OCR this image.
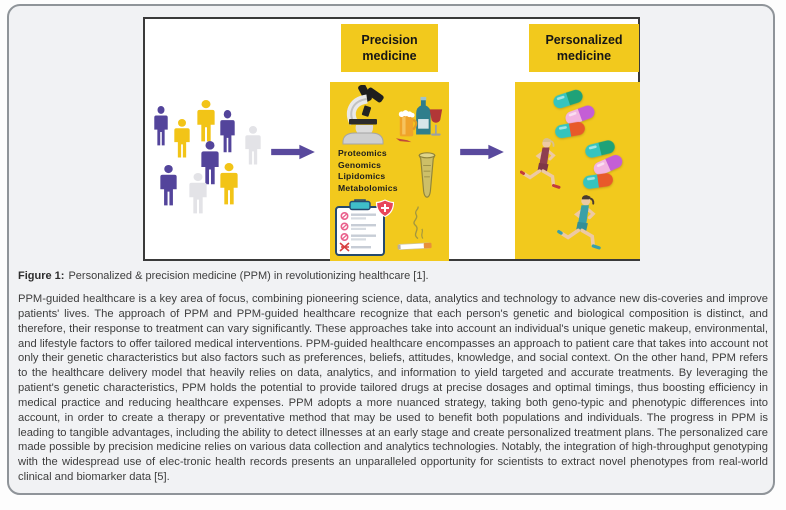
Precision medicine
Proteomics
Genomics
Lipidomics
Metabolomics
Personalized medicine
Figure 1: Personalized & precision medicine (PPM) in revolutionizing healthcare [1].
PPM-guided healthcare is a key area of focus, combining pioneering science, data, analytics and technology to advance new dis-coveries and improve patients' lives. The approach of PPM and PPM-guided healthcare recognize that each person's genetic and biological composition is distinct, and therefore, their response to treatment can vary significantly. These approaches take into account an individual's unique genetic makeup, environmental, and lifestyle factors to offer tailored medical interventions. PPM-guided healthcare encompasses an approach to patient care that takes into account not only their genetic characteristics but also factors such as preferences, beliefs, attitudes, knowledge, and social context. On the other hand, PPM refers to the healthcare delivery model that heavily relies on data, analytics, and information to yield targeted and accurate treatments. By leveraging the patient's genetic characteristics, PPM holds the potential to provide tailored drugs at precise dosages and optimal timings, thus boosting efficiency in medical practice and reducing healthcare expenses. PPM adopts a more nuanced strategy, taking both geno-typic and phenotypic differences into account, in order to create a therapy or preventative method that may be used to benefit both populations and individuals. The progress in PPM is leading to tangible advantages, including the ability to detect illnesses at an early stage and create personalized treatment plans. The personalized care made possible by precision medicine relies on various data collection and analytics technologies. Notably, the integration of high-throughput genotyping with the widespread use of elec-tronic health records presents an unparalleled opportunity for scientists to extract novel phenotypes from real-world clinical and biomarker data [5].
